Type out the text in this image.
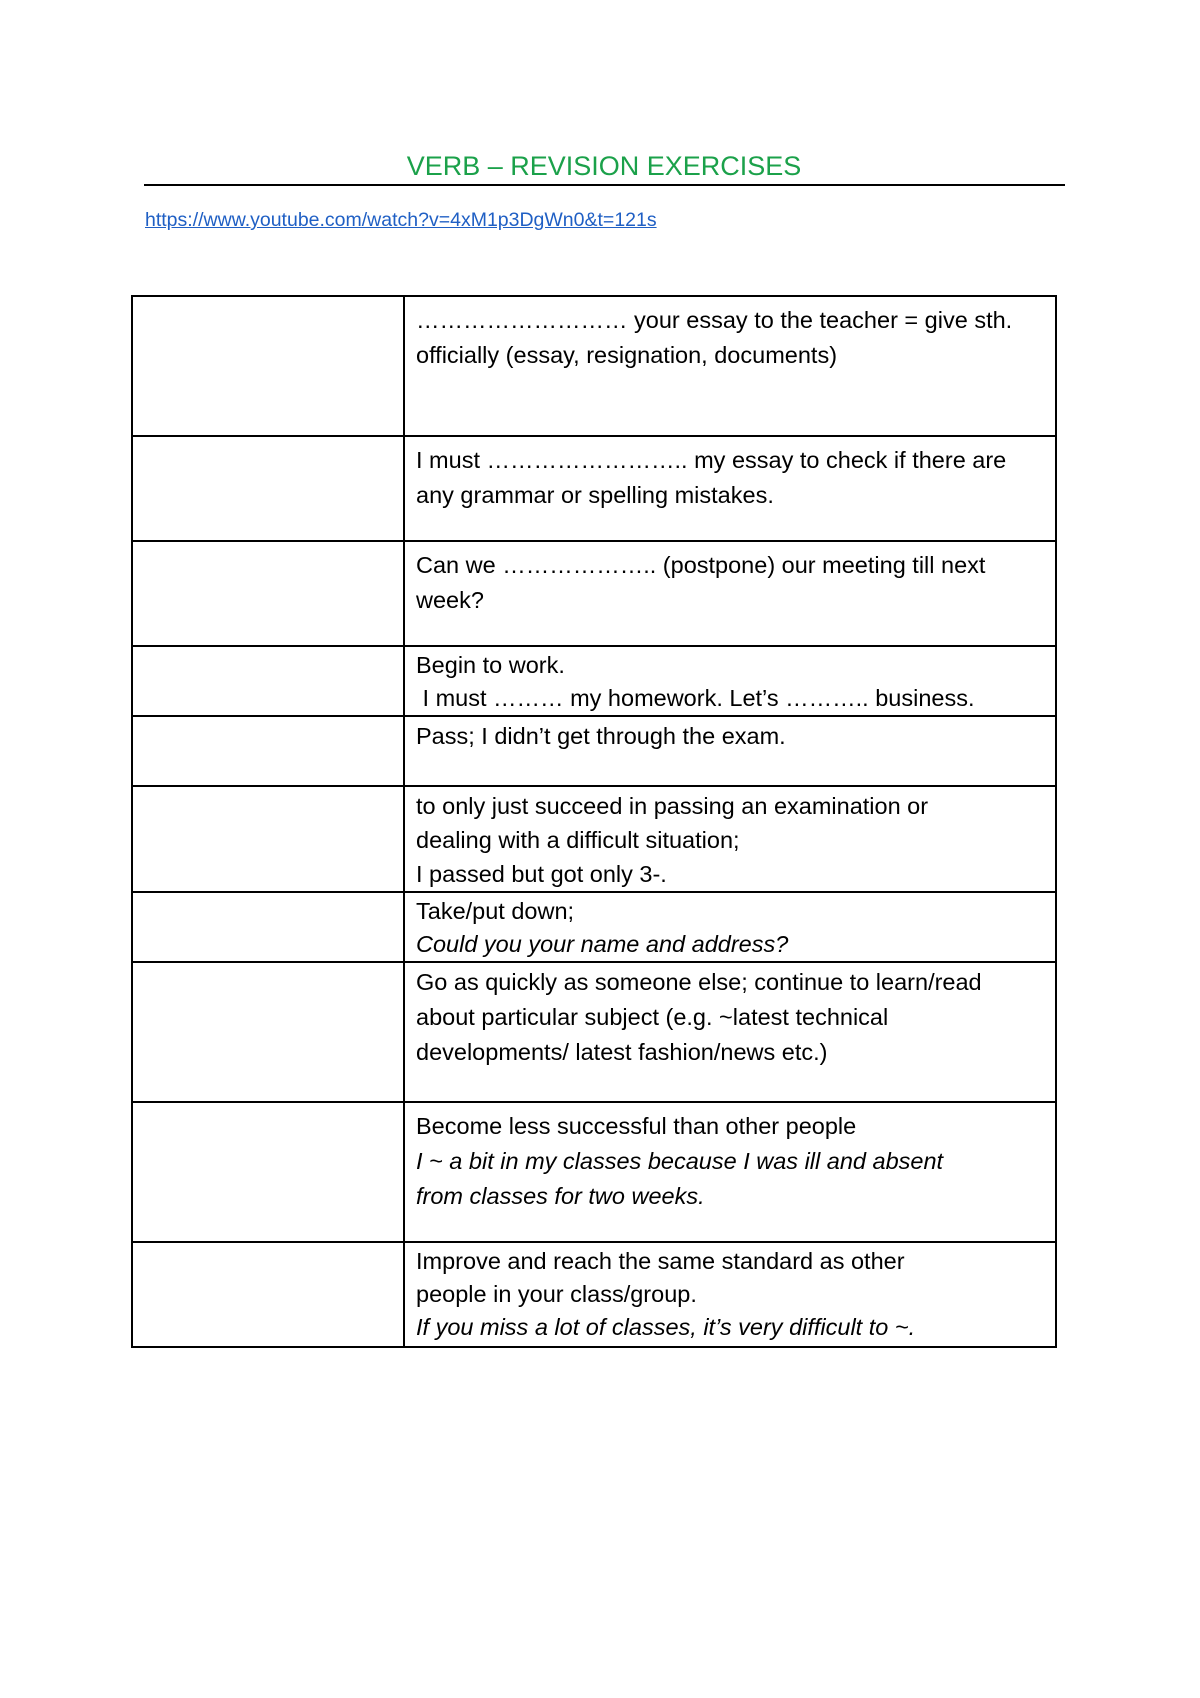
VERB – REVISION EXERCISES
https://www.youtube.com/watch?v=4xM1p3DgWn0&t=121s

	……………………… your essay to the teacher = give sth.
officially (essay, resignation, documents)

	I must …………………….. my essay to check if there are
any grammar or spelling mistakes.

	Can we ……………….. (postpone) our meeting till next
week?

	Begin to work.
I must ……… my homework. Let’s ……….. business.

	Pass; I didn’t get through the exam.

	to only just succeed in passing an examination or
dealing with a difficult situation;
I passed but got only 3-.

	Take/put down;
Could you your name and address?

	Go as quickly as someone else; continue to learn/read
about particular subject (e.g. ~latest technical
developments/ latest fashion/news etc.)

	Become less successful than other people
I ~ a bit in my classes because I was ill and absent
from classes for two weeks.

	Improve and reach the same standard as other
people in your class/group.
If you miss a lot of classes, it’s very difficult to ~.
